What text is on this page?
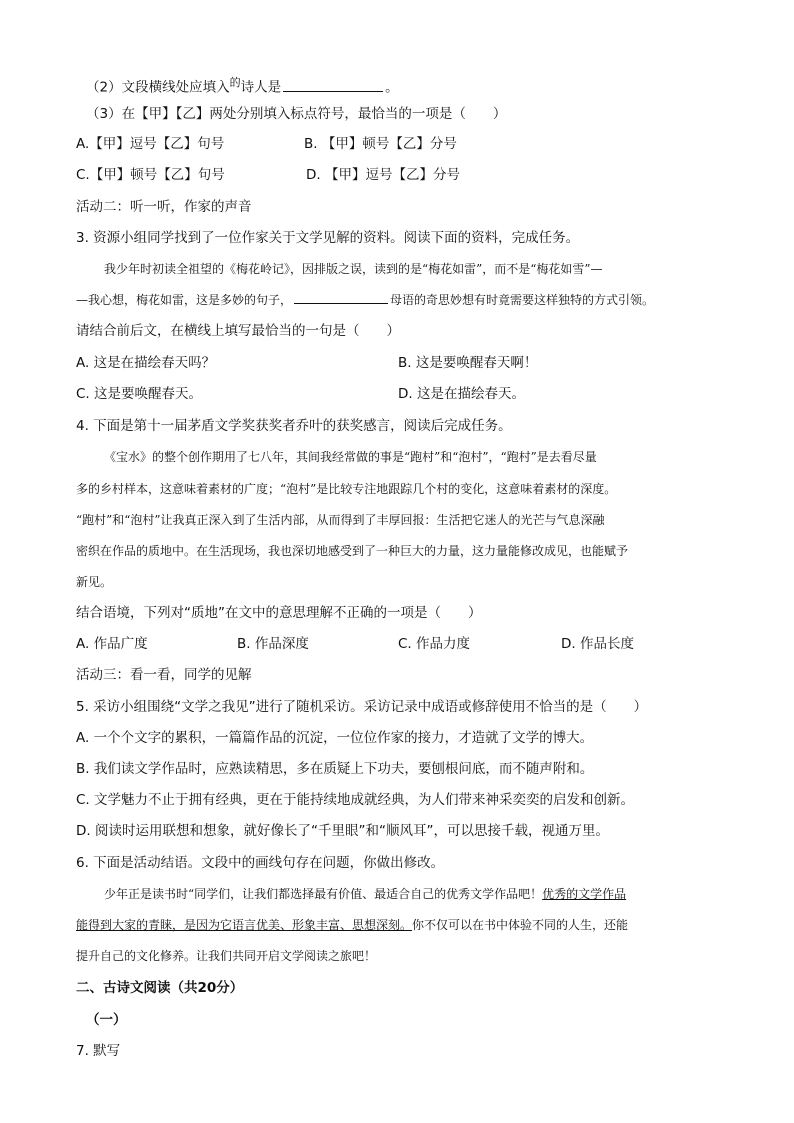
（2）文段横线处应填入$^的$诗人是	。
（3）在【甲】【乙】两处分别填入标点符号，最恰当的一项是（　　）
A.【甲】逗号【乙】句号	B. 【甲】顿号【乙】分号
C.【甲】顿号【乙】句号	D. 【甲】逗号【乙】分号
活动二：听一听，作家的声音
3. 资源小组同学找到了一位作家关于文学见解的资料。阅读下面的资料，完成任务。
我少年时初读全祖望的《梅花岭记》，因排版之误，读到的是“梅花如雷”，而不是“梅花如雪”—
—我心想，梅花如雷，这是多妙的句子，	母语的奇思妙想有时竟需要这样独特的方式引领。
请结合前后文，在横线上填写最恰当的一句是（　　）
A. 这是在描绘春天吗？	B. 这是要唤醒春天啊！
C. 这是要唤醒春天。	D. 这是在描绘春天。
4. 下面是第十一届茅盾文学奖获奖者乔叶的获奖感言，阅读后完成任务。
《宝水》的整个创作期用了七八年，其间我经常做的事是“跑村”和“泡村”，“跑村”是去看尽量
多的乡村样本，这意味着素材的广度；“泡村”是比较专注地跟踪几个村的变化，这意味着素材的深度。
“跑村”和“泡村”让我真正深入到了生活内部，从而得到了丰厚回报：生活把它迷人的光芒与气息深融
密织在作品的质地中。在生活现场，我也深切地感受到了一种巨大的力量，这力量能修改成见，也能赋予
新见。
结合语境，下列对“质地”在文中的意思理解不正确的一项是（　　）
A. 作品广度	B. 作品深度	C. 作品力度	D. 作品长度
活动三：看一看，同学的见解
5. 采访小组围绕“文学之我见”进行了随机采访。采访记录中成语或修辞使用不恰当的是（　　）
A. 一个个文字的累积，一篇篇作品的沉淀，一位位作家的接力，才造就了文学的博大。
B. 我们读文学作品时，应熟读精思，多在质疑上下功夫，要刨根问底，而不随声附和。
C. 文学魅力不止于拥有经典，更在于能持续地成就经典，为人们带来神采奕奕的启发和创新。
D. 阅读时运用联想和想象，就好像长了“千里眼”和“顺风耳”，可以思接千载，视通万里。
6. 下面是活动结语。文段中的画线句存在问题，你做出修改。
少年正是读书时“同学们，让我们都选择最有价值、最适合自己的优秀文学作品吧！优秀的文学作品
能得到大家的青睐，是因为它语言优美、形象丰富、思想深刻。你不仅可以在书中体验不同的人生，还能
提升自己的文化修养。让我们共同开启文学阅读之旅吧！
二、古诗文阅读（共20分）
（一）
7. 默写
